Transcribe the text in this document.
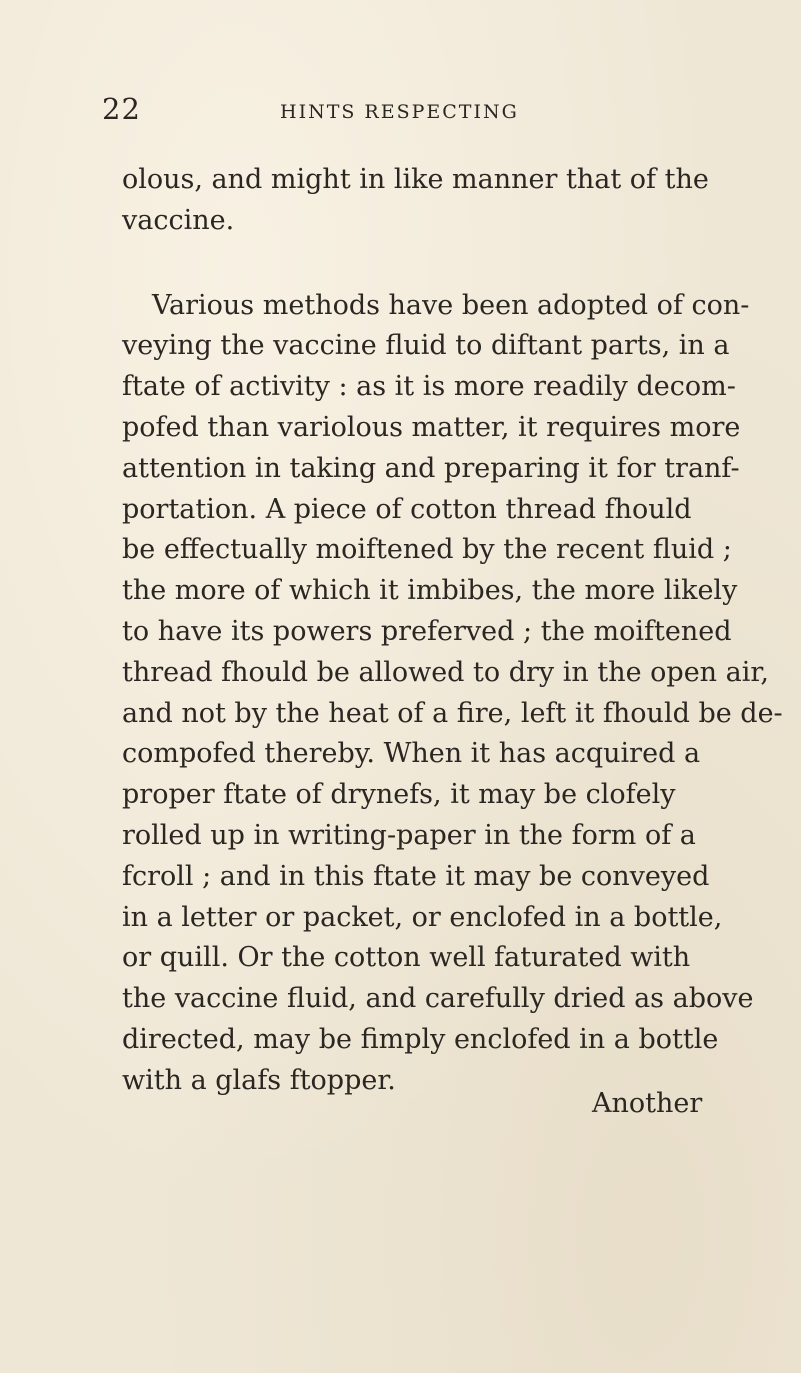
22	HINTS RESPECTING
olous, and might in like manner that of the
vaccine.
Various methods have been adopted of con-
veying the vaccine fluid to diftant parts, in a
ftate of activity : as it is more readily decom-
pofed than variolous matter, it requires more
attention in taking and preparing it for tranf-
portation. A piece of cotton thread fhould
be effectually moiftened by the recent fluid ;
the more of which it imbibes, the more likely
to have its powers preferved ; the moiftened
thread fhould be allowed to dry in the open air,
and not by the heat of a fire, left it fhould be de-
compofed thereby. When it has acquired a
proper ftate of drynefs, it may be clofely
rolled up in writing-paper in the form of a
fcroll ; and in this ftate it may be conveyed
in a letter or packet, or enclofed in a bottle,
or quill. Or the cotton well faturated with
the vaccine fluid, and carefully dried as above
directed, may be fimply enclofed in a bottle
with a glafs ftopper.
Another
